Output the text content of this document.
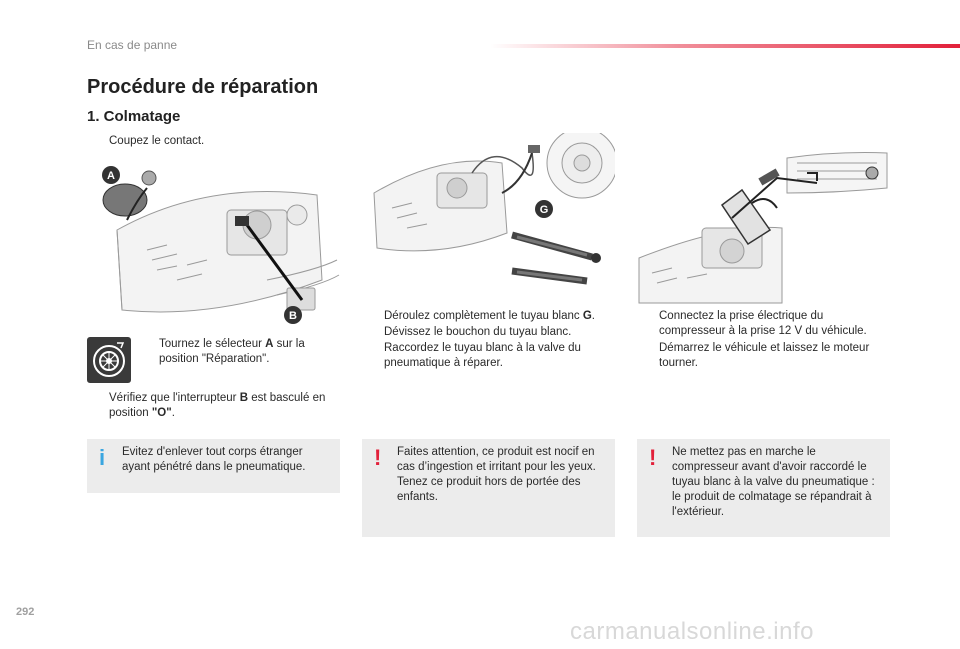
En cas de panne
Procédure de réparation
1. Colmatage
Coupez le contact.
A
B
Tournez le sélecteur A sur la position "Réparation".
Vérifiez que l'interrupteur B est basculé en position "O".
i Evitez d'enlever tout corps étranger ayant pénétré dans le pneumatique.
G
Déroulez complètement le tuyau blanc G.
Dévissez le bouchon du tuyau blanc.
Raccordez le tuyau blanc à la valve du pneumatique à réparer.
! Faites attention, ce produit est nocif en cas d’ingestion et irritant pour les yeux. Tenez ce produit hors de portée des enfants.
Connectez la prise électrique du compresseur à la prise 12 V du véhicule.
Démarrez le véhicule et laissez le moteur tourner.
! Ne mettez pas en marche le compresseur avant d'avoir raccordé le tuyau blanc à la valve du pneumatique : le produit de colmatage se répandrait à l'extérieur.
292
carmanualsonline.info
